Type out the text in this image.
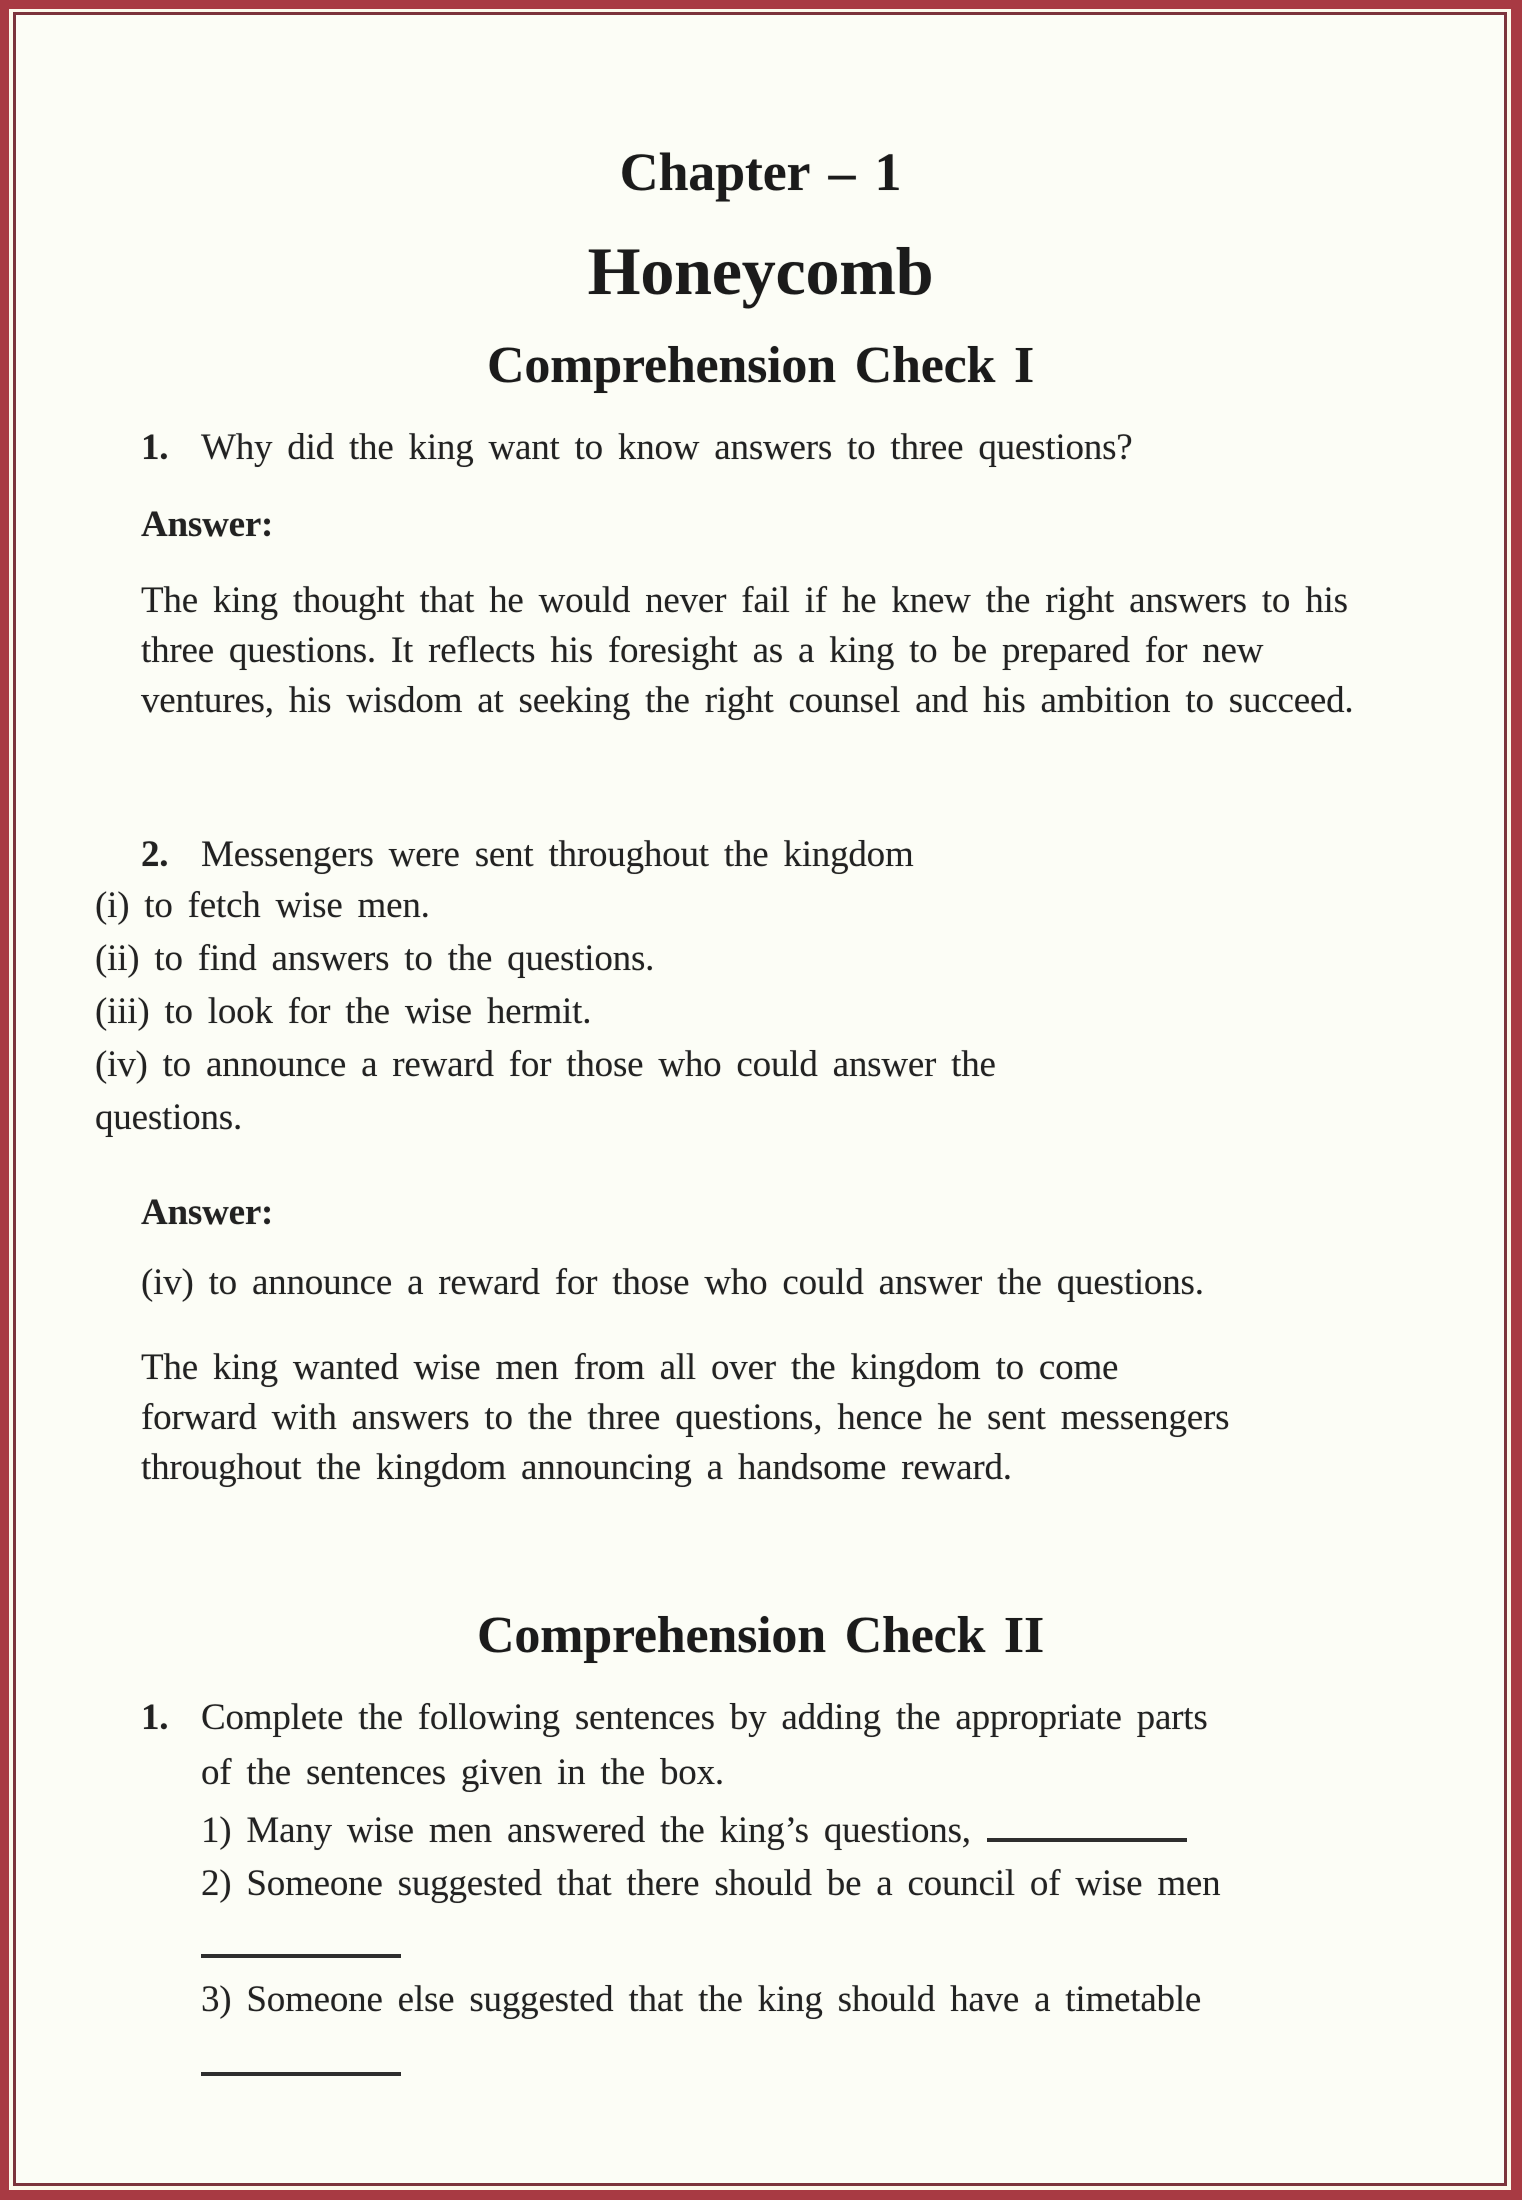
Chapter – 1
Honeycomb
Comprehension Check I
1. Why did the king want to know answers to three questions?
Answer:
The king thought that he would never fail if he knew the right answers to his
three questions. It reflects his foresight as a king to be prepared for new
ventures, his wisdom at seeking the right counsel and his ambition to succeed.
2. Messengers were sent throughout the kingdom
(i) to fetch wise men.
(ii) to find answers to the questions.
(iii) to look for the wise hermit.
(iv) to announce a reward for those who could answer the
questions.
Answer:
(iv) to announce a reward for those who could answer the questions.
The king wanted wise men from all over the kingdom to come
forward with answers to the three questions, hence he sent messengers
throughout the kingdom announcing a handsome reward.
Comprehension Check II
1. Complete the following sentences by adding the appropriate parts
of the sentences given in the box.
1) Many wise men answered the king’s questions,
2) Someone suggested that there should be a council of wise men
3) Someone else suggested that the king should have a timetable
